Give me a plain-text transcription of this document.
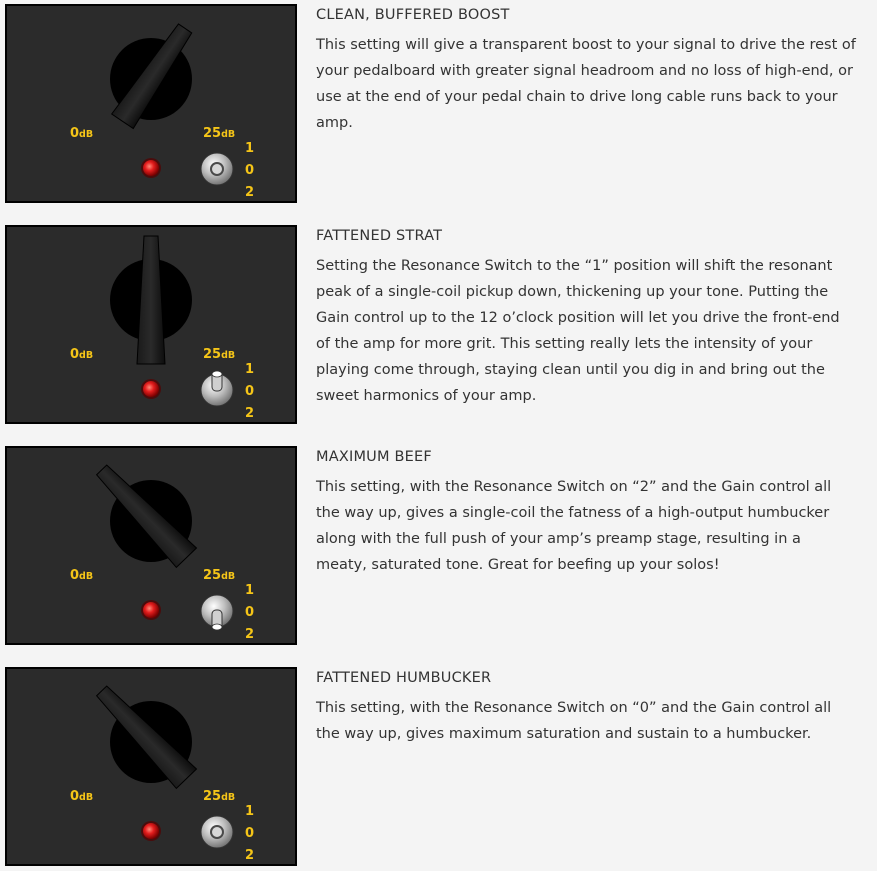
0dB	25dB
1
0
2
CLEAN, BUFFERED BOOST

This setting will give a transparent boost to your signal to drive the rest of your pedalboard with greater signal headroom and no loss of high-end, or use at the end of your pedal chain to drive long cable runs back to your amp.

0dB	25dB
1
0
2
FATTENED STRAT

Setting the Resonance Switch to the “1” position will shift the resonant peak of a single-coil pickup down, thickening up your tone. Putting the Gain control up to the 12 o’clock position will let you drive the front-end of the amp for more grit. This setting really lets the intensity of your playing come through, staying clean until you dig in and bring out the sweet harmonics of your amp.

0dB	25dB
1
0
2
MAXIMUM BEEF

This setting, with the Resonance Switch on “2” and the Gain control all the way up, gives a single-coil the fatness of a high-output humbucker along with the full push of your amp’s preamp stage, resulting in a meaty, saturated tone. Great for beefing up your solos!

0dB	25dB
1
0
2
FATTENED HUMBUCKER

This setting, with the Resonance Switch on “0” and the Gain control all the way up, gives maximum saturation and sustain to a humbucker.
